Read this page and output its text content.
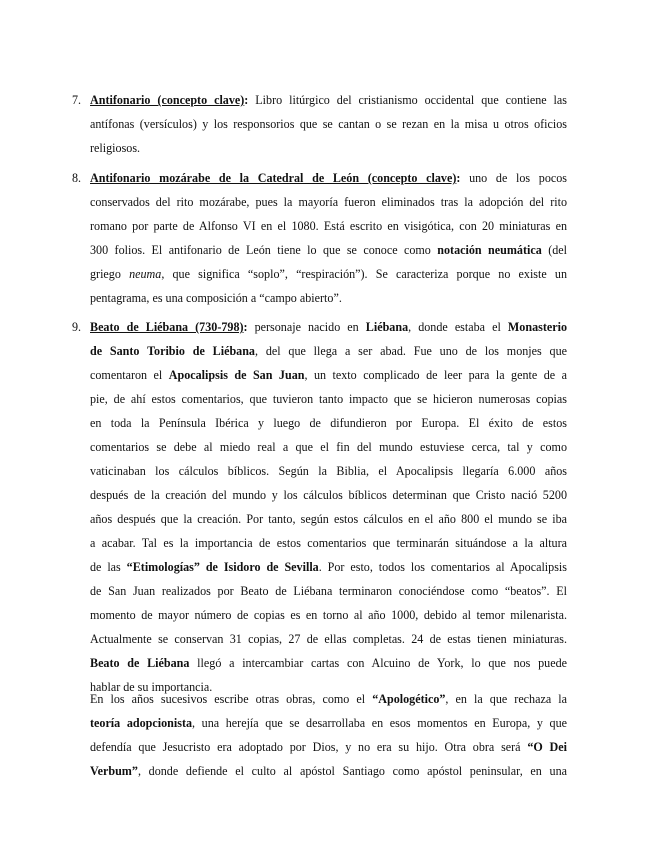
7. Antifonario (concepto clave): Libro litúrgico del cristianismo occidental que contiene las
antífonas (versículos) y los responsorios que se cantan o se rezan en la misa u otros oficios
religiosos.
8. Antifonario mozárabe de la Catedral de León (concepto clave): uno de los pocos
conservados del rito mozárabe, pues la mayoría fueron eliminados tras la adopción del rito
romano por parte de Alfonso VI en el 1080. Está escrito en visigótica, con 20 miniaturas en
300 folios. El antifonario de León tiene lo que se conoce como notación neumática (del
griego neuma, que significa “soplo”, “respiración”). Se caracteriza porque no existe un
pentagrama, es una composición a “campo abierto”.
9. Beato de Liébana (730-798): personaje nacido en Liébana, donde estaba el Monasterio
de Santo Toribio de Liébana, del que llega a ser abad. Fue uno de los monjes que
comentaron el Apocalipsis de San Juan, un texto complicado de leer para la gente de a
pie, de ahí estos comentarios, que tuvieron tanto impacto que se hicieron numerosas copias
en toda la Península Ibérica y luego de difundieron por Europa. El éxito de estos
comentarios se debe al miedo real a que el fin del mundo estuviese cerca, tal y como
vaticinaban los cálculos bíblicos. Según la Biblia, el Apocalipsis llegaría 6.000 años
después de la creación del mundo y los cálculos bíblicos determinan que Cristo nació 5200
años después que la creación. Por tanto, según estos cálculos en el año 800 el mundo se iba
a acabar. Tal es la importancia de estos comentarios que terminarán situándose a la altura
de las “Etimologías” de Isidoro de Sevilla. Por esto, todos los comentarios al Apocalipsis
de San Juan realizados por Beato de Liébana terminaron conociéndose como “beatos”. El
momento de mayor número de copias es en torno al año 1000, debido al temor milenarista.
Actualmente se conservan 31 copias, 27 de ellas completas. 24 de estas tienen miniaturas.
Beato de Liébana llegó a intercambiar cartas con Alcuino de York, lo que nos puede
hablar de su importancia.
En los años sucesivos escribe otras obras, como el “Apologético”, en la que rechaza la
teoría adopcionista, una herejía que se desarrollaba en esos momentos en Europa, y que
defendía que Jesucristo era adoptado por Dios, y no era su hijo. Otra obra será “O Dei
Verbum”, donde defiende el culto al apóstol Santiago como apóstol peninsular, en una
